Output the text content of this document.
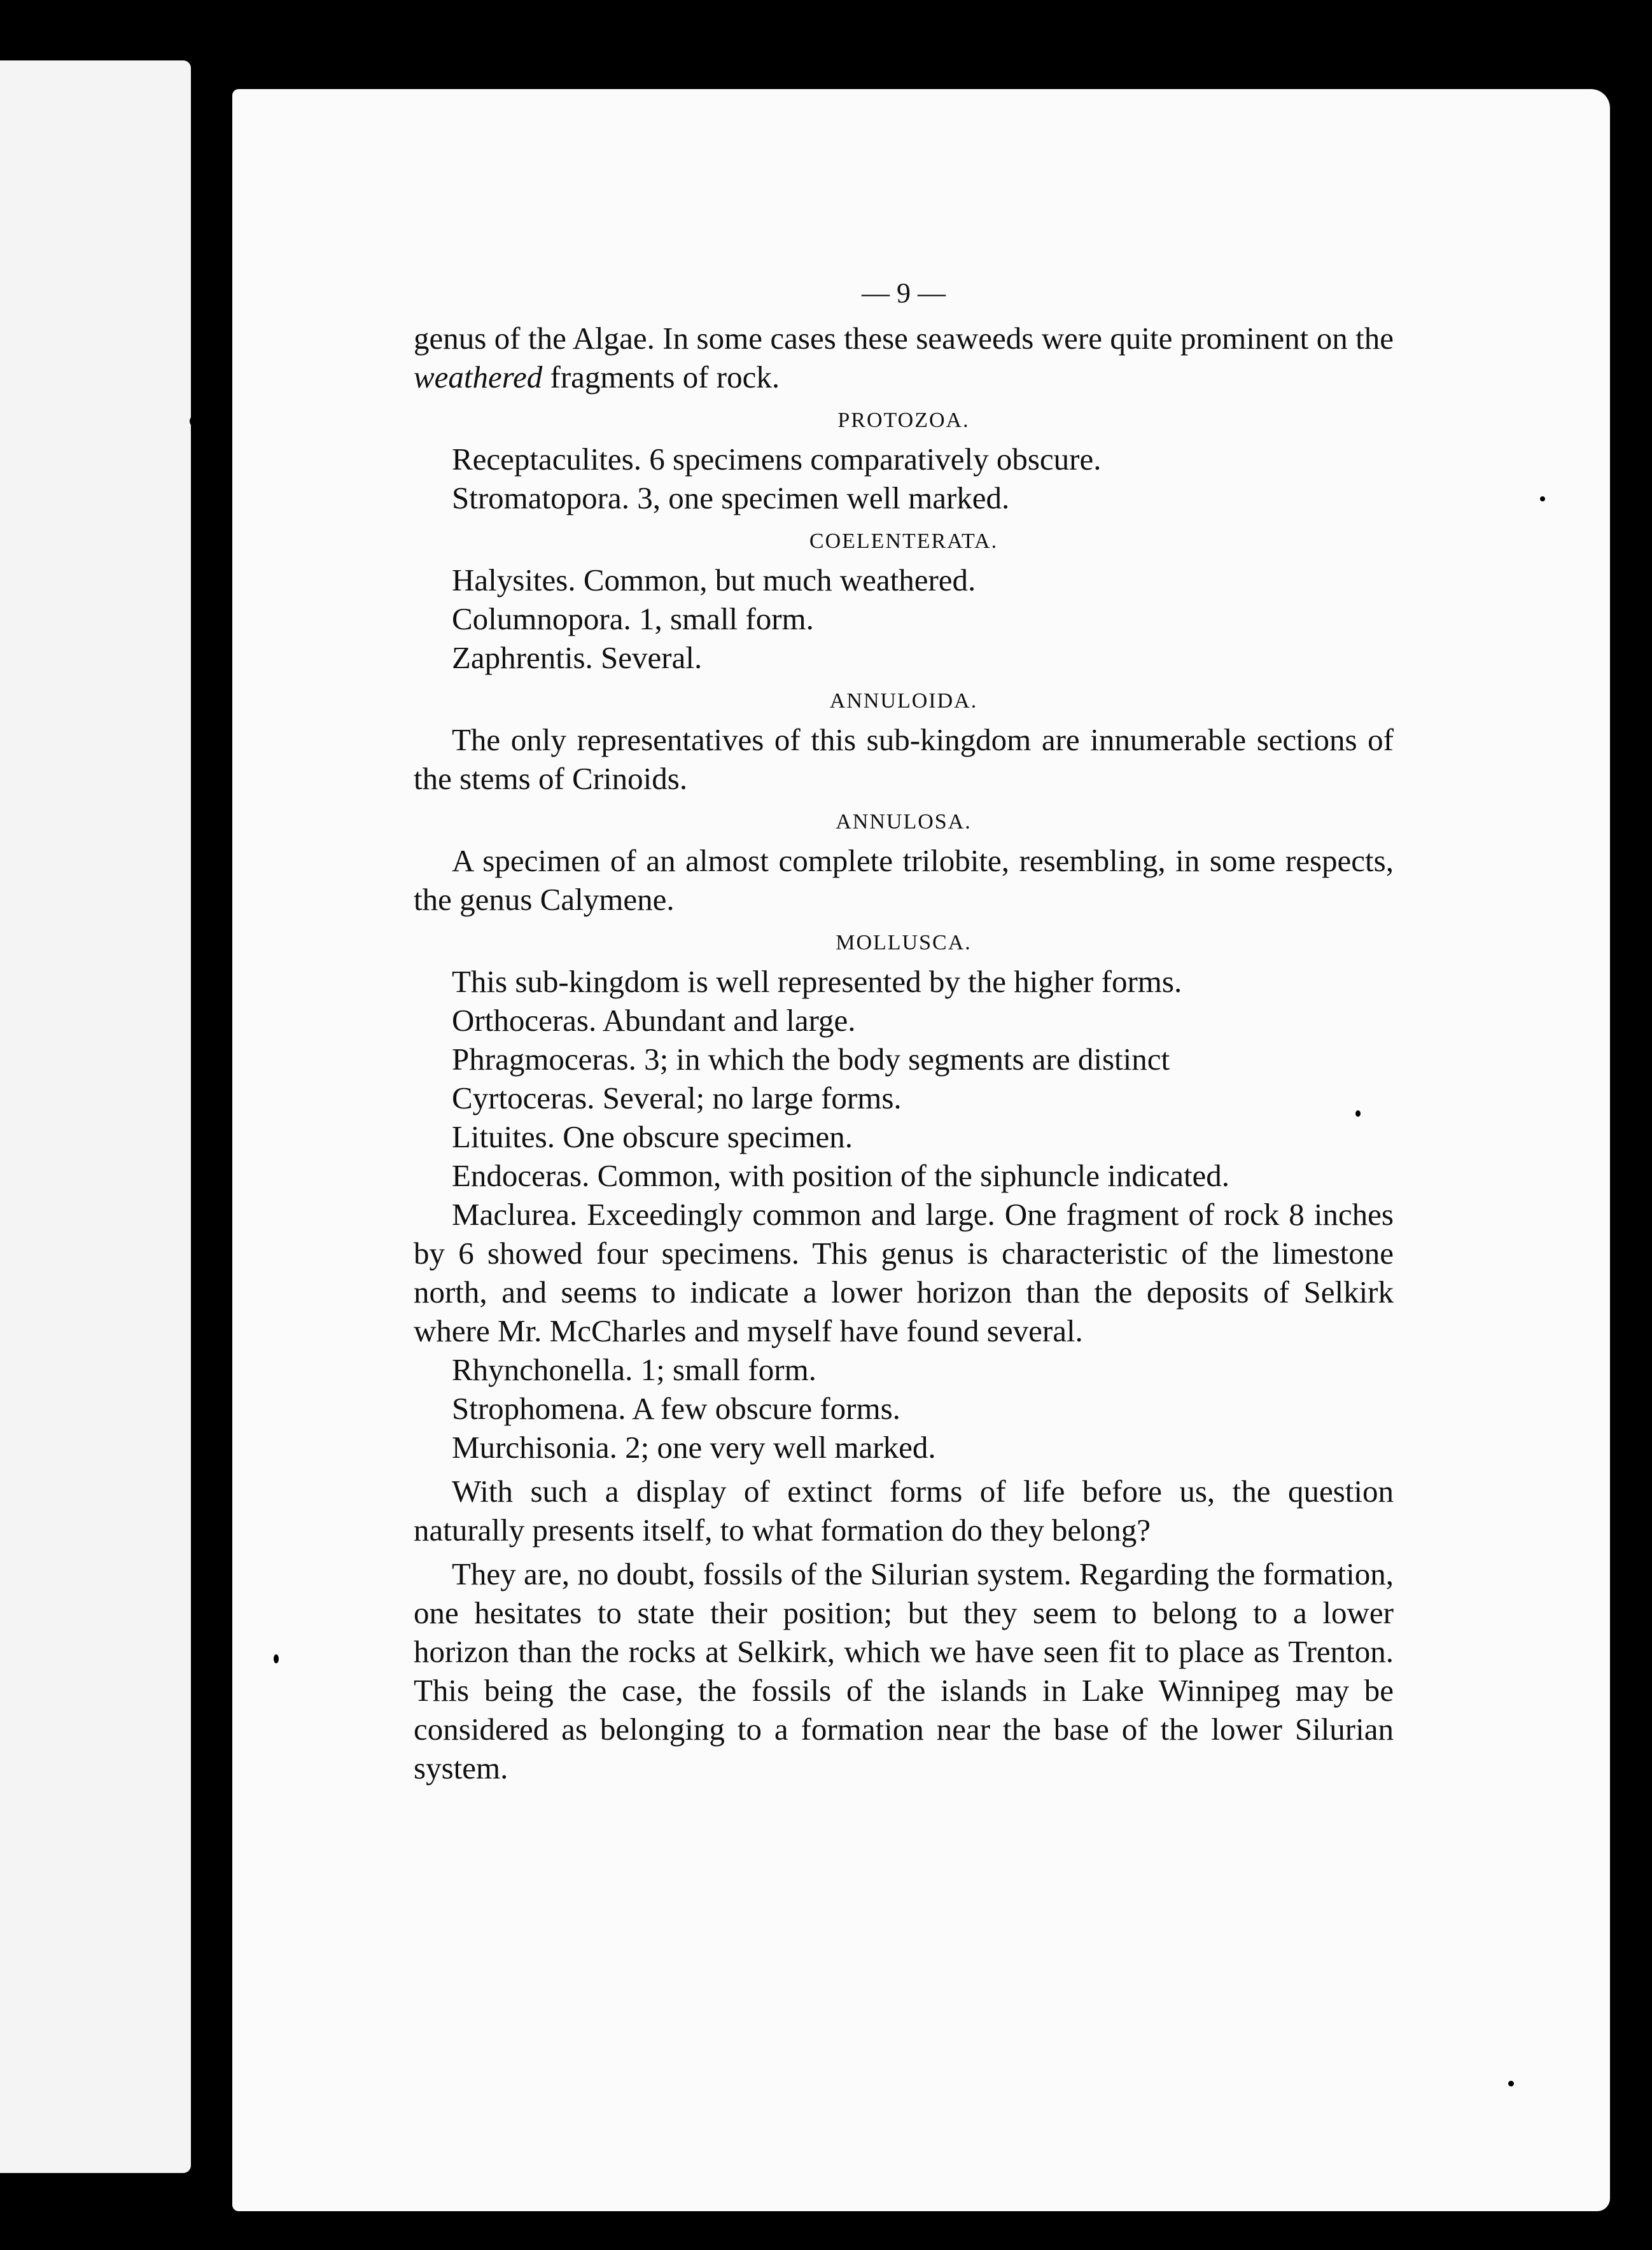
— 9 —

genus of the Algae. In some cases these seaweeds were quite prominent on the weathered fragments of rock.

PROTOZOA.

Receptaculites. 6 specimens comparatively obscure.

Stromatopora. 3, one specimen well marked.

COELENTERATA.

Halysites. Common, but much weathered.

Columnopora. 1, small form.

Zaphrentis. Several.

ANNULOIDA.

The only representatives of this sub-kingdom are innumerable sections of the stems of Crinoids.

ANNULOSA.

A specimen of an almost complete trilobite, resembling, in some respects, the genus Calymene.

MOLLUSCA.

This sub-kingdom is well represented by the higher forms.

Orthoceras. Abundant and large.

Phragmoceras. 3; in which the body segments are distinct

Cyrtoceras. Several; no large forms.

Lituites. One obscure specimen.

Endoceras. Common, with position of the siphuncle indicated.

Maclurea. Exceedingly common and large. One fragment of rock 8 inches by 6 showed four specimens. This genus is characteristic of the limestone north, and seems to indicate a lower horizon than the deposits of Selkirk where Mr. McCharles and myself have found several.

Rhynchonella. 1; small form.

Strophomena. A few obscure forms.

Murchisonia. 2; one very well marked.

With such a display of extinct forms of life before us, the question naturally presents itself, to what formation do they belong?

They are, no doubt, fossils of the Silurian system. Regarding the formation, one hesitates to state their position; but they seem to belong to a lower horizon than the rocks at Selkirk, which we have seen fit to place as Trenton. This being the case, the fossils of the islands in Lake Winnipeg may be considered as belonging to a formation near the base of the lower Silurian system.
